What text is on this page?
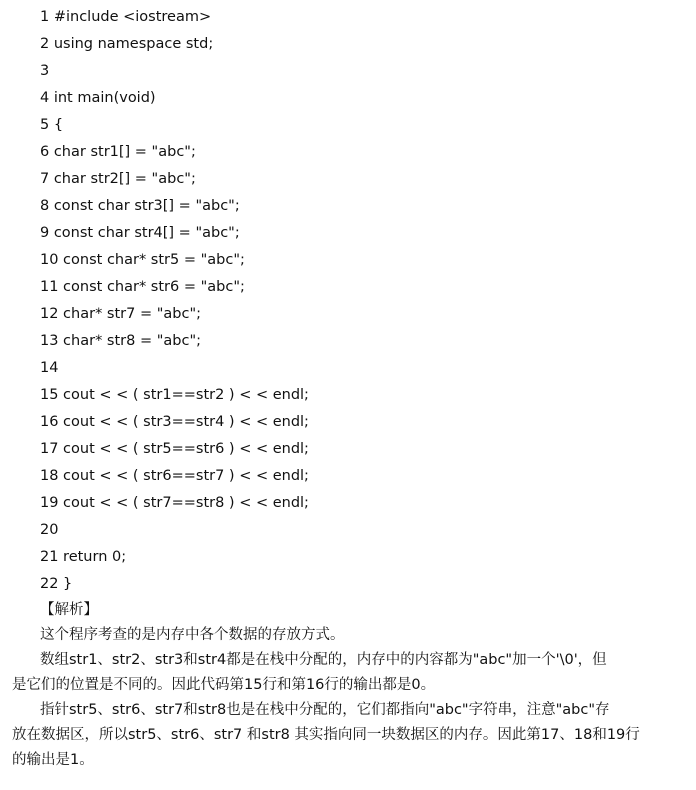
1 #include <iostream>
2 using namespace std;
3
4 int main(void)
5 {
6 char str1[] = "abc";
7 char str2[] = "abc";
8 const char str3[] = "abc";
9 const char str4[] = "abc";
10 const char* str5 = "abc";
11 const char* str6 = "abc";
12 char* str7 = "abc";
13 char* str8 = "abc";
14
15 cout < < ( str1==str2 ) < < endl;
16 cout < < ( str3==str4 ) < < endl;
17 cout < < ( str5==str6 ) < < endl;
18 cout < < ( str6==str7 ) < < endl;
19 cout < < ( str7==str8 ) < < endl;
20
21 return 0;
22 }
【解析】
这个程序考查的是内存中各个数据的存放方式。
数组str1、str2、str3和str4都是在栈中分配的，内存中的内容都为"abc"加一个'\0'，但
是它们的位置是不同的。因此代码第15行和第16行的输出都是0。
指针str5、str6、str7和str8也是在栈中分配的，它们都指向"abc"字符串，注意"abc"存
放在数据区，所以str5、str6、str7 和str8 其实指向同一块数据区的内存。因此第17、18和19行
的输出是1。
